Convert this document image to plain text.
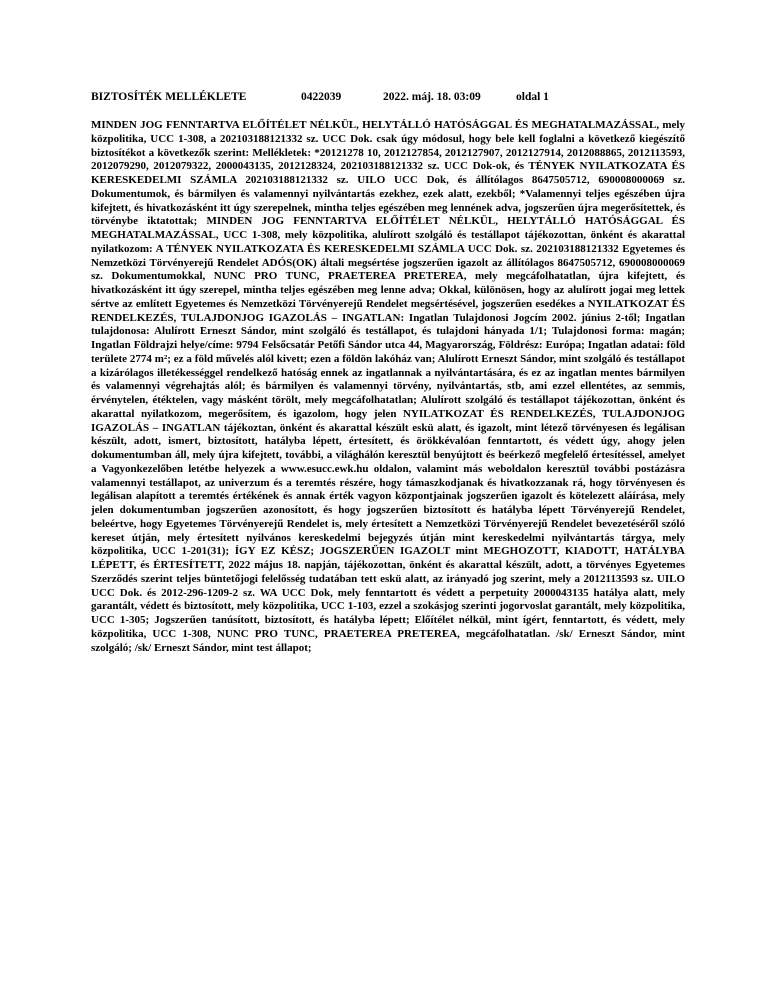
BIZTOSÍTÉK MELLÉKLETE	0422039	2022. máj. 18. 03:09	oldal 1
MINDEN JOG FENNTARTVA ELŐÍTÉLET NÉLKÜL, HELYTÁLLÓ HATÓSÁGGAL ÉS MEGHATALMAZÁSSAL, mely közpolitika, UCC 1-308, a 202103188121332 sz. UCC Dok. csak úgy módosul, hogy bele kell foglalni a következő kiegészítő biztosítékot a következők szerint: Mellékletek: *20121278 10, 2012127854, 2012127907, 2012127914, 2012088865, 2012113593, 2012079290, 2012079322, 2000043135, 2012128324, 202103188121332 sz. UCC Dok-ok, és TÉNYEK NYILATKOZATA ÉS KERESKEDELMI SZÁMLA 202103188121332 sz. UILO UCC Dok, és állítólagos 8647505712, 690008000069 sz. Dokumentumok, és bármilyen és valamennyi nyilvántartás ezekhez, ezek alatt, ezekből; *Valamennyi teljes egészében újra kifejtett, és hivatkozásként itt úgy szerepelnek, mintha teljes egészében meg lennének adva, jogszerűen újra megerősítettek, és törvénybe iktatottak; MINDEN JOG FENNTARTVA ELŐÍTÉLET NÉLKÜL, HELYTÁLLÓ HATÓSÁGGAL ÉS MEGHATALMAZÁSSAL, UCC 1-308, mely közpolitika, alulírott szolgáló és testállapot tájékozottan, önként és akarattal nyilatkozom: A TÉNYEK NYILATKOZATA ÉS KERESKEDELMI SZÁMLA UCC Dok. sz. 202103188121332 Egyetemes és Nemzetközi Törvényerejű Rendelet ADÓS(OK) általi megsértése jogszerűen igazolt az állítólagos 8647505712, 690008000069 sz. Dokumentumokkal, NUNC PRO TUNC, PRAETEREA PRETEREA, mely megcáfolhatatlan, újra kifejtett, és hivatkozásként itt úgy szerepel, mintha teljes egészében meg lenne adva; Okkal, különösen, hogy az alulírott jogai meg lettek sértve az említett Egyetemes és Nemzetközi Törvényerejű Rendelet megsértésével, jogszerűen esedékes a NYILATKOZAT ÉS RENDELKEZÉS, TULAJDONJOG IGAZOLÁS – INGATLAN: Ingatlan Tulajdonosi Jogcím 2002. június 2-től; Ingatlan tulajdonosa: Alulírott Erneszt Sándor, mint szolgáló és testállapot, és tulajdoni hányada 1/1; Tulajdonosi forma: magán; Ingatlan Földrajzi helye/címe: 9794 Felsőcsatár Petőfi Sándor utca 44, Magyarország, Földrész: Európa; Ingatlan adatai: föld területe 2774 m²; ez a föld művelés alól kivett; ezen a földön lakóház van; Alulírott Erneszt Sándor, mint szolgáló és testállapot a kizárólagos illetékességgel rendelkező hatóság ennek az ingatlannak a nyilvántartására, és ez az ingatlan mentes bármilyen és valamennyi végrehajtás alól; és bármilyen és valamennyi törvény, nyilvántartás, stb, ami ezzel ellentétes, az semmis, érvénytelen, étéktelen, vagy másként törölt, mely megcáfolhatatlan; Alulírott szolgáló és testállapot tájékozottan, önként és akarattal nyilatkozom, megerősítem, és igazolom, hogy jelen NYILATKOZAT ÉS RENDELKEZÉS, TULAJDONJOG IGAZOLÁS – INGATLAN tájékoztan, önként és akarattal készült eskü alatt, és igazolt, mint létező törvényesen és legálisan készült, adott, ismert, biztosított, hatályba lépett, értesített, és örökkévalóan fenntartott, és védett úgy, ahogy jelen dokumentumban áll, mely újra kifejtett, további, a világhálón keresztül benyújtott és beérkező megfelelő értesítéssel, amelyet a Vagyonkezelőben letétbe helyezek a www.esucc.ewk.hu oldalon, valamint más weboldalon keresztül további postázásra valamennyi testállapot, az univerzum és a teremtés részére, hogy támaszkodjanak és hivatkozzanak rá, hogy törvényesen és legálisan alapított a teremtés értékének és annak érték vagyon központjainak jogszerűen igazolt és kötelezett aláírása, mely jelen dokumentumban jogszerűen azonosított, és hogy jogszerűen biztosított és hatályba lépett Törvényerejű Rendelet, beleértve, hogy Egyetemes Törvényerejű Rendelet is, mely értesített a Nemzetközi Törvényerejű Rendelet bevezetéséről szóló kereset útján, mely értesített nyilvános kereskedelmi bejegyzés útján mint kereskedelmi nyilvántartás tárgya, mely közpolitika, UCC 1-201(31); ÍGY EZ KÉSZ; JOGSZERŰEN IGAZOLT mint MEGHOZOTT, KIADOTT, HATÁLYBA LÉPETT, és ÉRTESÍTETT, 2022 május 18. napján, tájékozottan, önként és akarattal készült, adott, a törvényes Egyetemes Szerződés szerint teljes büntetőjogi felelősség tudatában tett eskü alatt, az irányadó jog szerint, mely a 2012113593 sz. UILO UCC Dok. és 2012-296-1209-2 sz. WA UCC Dok, mely fenntartott és védett a perpetuity 2000043135 hatálya alatt, mely garantált, védett és biztosított, mely közpolitika, UCC 1-103, ezzel a szokásjog szerinti jogorvoslat garantált, mely közpolitika, UCC 1-305; Jogszerűen tanúsított, biztosított, és hatályba lépett; Előítélet nélkül, mint ígért, fenntartott, és védett, mely közpolitika, UCC 1-308, NUNC PRO TUNC, PRAETEREA PRETEREA, megcáfolhatatlan. /sk/ Erneszt Sándor, mint szolgáló; /sk/ Erneszt Sándor, mint test állapot;
